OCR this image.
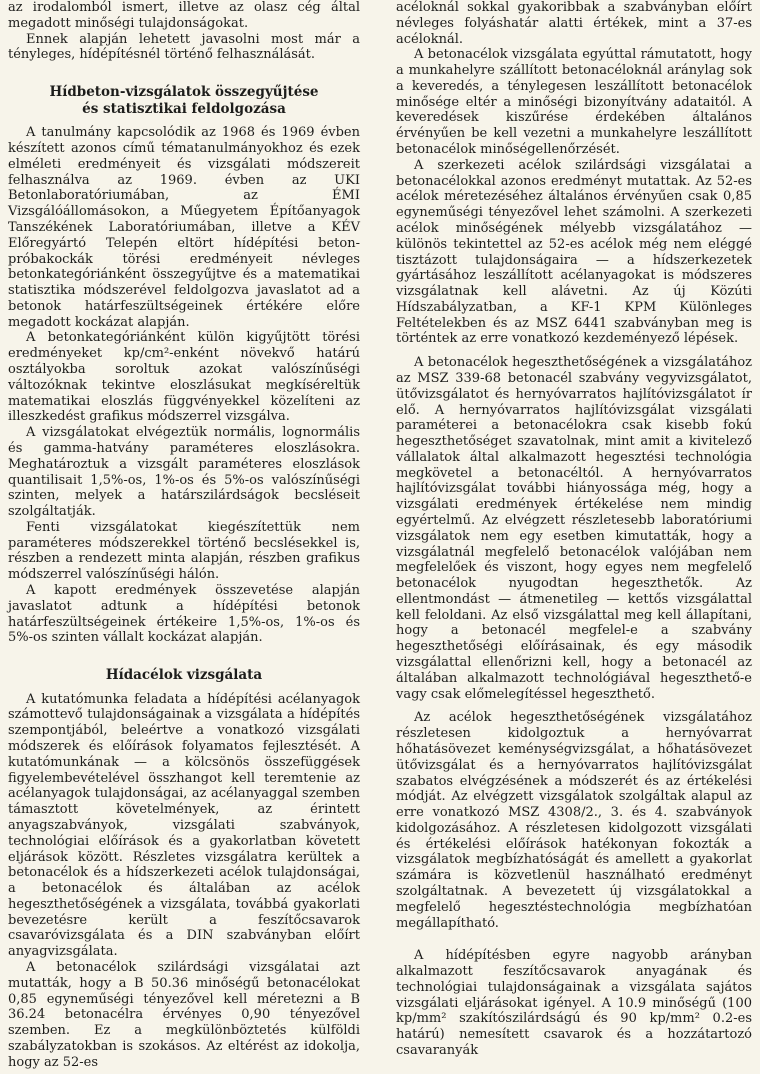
az irodalomból ismert, illetve az olasz cég által megadott minőségi tulajdonságokat.

Ennek alapján lehetett javasolni most már a tényleges, hídépítésnél történő felhasználását.

Hídbeton-vizsgálatok összegyűjtése
és statisztikai feldolgozása

A tanulmány kapcsolódik az 1968 és 1969 évben készített azonos című tématanulmányokhoz és ezek elméleti eredményeit és vizsgálati módszereit felhasználva az 1969. évben az UKI Betonlaboratóriumában, az ÉMI Vizsgálóállomásokon, a Műegyetem Építőanyagok Tanszékének Laboratóriumában, illetve a KÉV Előregyártó Telepén eltört hídépítési beton-próbakockák törési eredményeit névleges betonkategóriánként összegyűjtve és a matematikai statisztika módszerével feldolgozva javaslatot ad a betonok határfeszültségeinek értékére előre megadott kockázat alapján.

A betonkategóriánként külön kigyűjtött törési eredményeket kp/cm²-enként növekvő határú osztályokba soroltuk azokat valószínűségi változóknak tekintve eloszlásukat megkíséreltük matematikai eloszlás függvényekkel közelíteni az illeszkedést grafikus módszerrel vizsgálva.

A vizsgálatokat elvégeztük normális, lognormális és gamma-hatvány paraméteres eloszlásokra. Meghatároztuk a vizsgált paraméteres eloszlások quantilisait 1,5%-os, 1%-os és 5%-os valószínűségi szinten, melyek a határszilárdságok becsléseit szolgáltatják.

Fenti vizsgálatokat kiegészítettük nem paraméteres módszerekkel történő becslésekkel is, részben a rendezett minta alapján, részben grafikus módszerrel valószínűségi hálón.

A kapott eredmények összevetése alapján javaslatot adtunk a hídépítési betonok határfeszültségeinek értékeire 1,5%-os, 1%-os és 5%-os szinten vállalt kockázat alapján.

Hídacélok vizsgálata

A kutatómunka feladata a hídépítési acélanyagok számottevő tulajdonságainak a vizsgálata a hídépítés szempontjából, beleértve a vonatkozó vizsgálati módszerek és előírások folyamatos fejlesztését. A kutatómunkának — a kölcsönös összefüggések figyelembevételével összhangot kell teremtenie az acélanyagok tulajdonságai, az acélanyaggal szemben támasztott követelmények, az érintett anyagszabványok, vizsgálati szabványok, technológiai előírások és a gyakorlatban követett eljárások között. Részletes vizsgálatra kerültek a betonacélok és a hídszerkezeti acélok tulajdonságai, a betonacélok és általában az acélok hegeszthetőségének a vizsgálata, továbbá gyakorlati bevezetésre került a feszítőcsavarok csavaróvizsgálata és a DIN szabványban előírt anyagvizsgálata.

A betonacélok szilárdsági vizsgálatai azt mutatták, hogy a B 50.36 minőségű betonacélokat 0,85 egyneműségi tényezővel kell méretezni a B 36.24 betonacélra érvényes 0,90 tényezővel szemben. Ez a megkülönböztetés külföldi szabályzatokban is szokásos. Az eltérést az idokolja, hogy az 52-es

acéloknál sokkal gyakoribbak a szabványban előírt névleges folyáshatár alatti értékek, mint a 37-es acéloknál.

A betonacélok vizsgálata egyúttal rámutatott, hogy a munkahelyre szállított betonacéloknál aránylag sok a keveredés, a ténylegesen leszállított betonacélok minősége eltér a minőségi bizonyítvány adataitól. A keveredések kiszűrése érdekében általános érvényűen be kell vezetni a munkahelyre leszállított betonacélok minőségellenőrzését.

A szerkezeti acélok szilárdsági vizsgálatai a betonacélokkal azonos eredményt mutattak. Az 52-es acélok méretezéséhez általános érvényűen csak 0,85 egyneműségi tényezővel lehet számolni. A szerkezeti acélok minőségének mélyebb vizsgálatához — különös tekintettel az 52-es acélok még nem eléggé tisztázott tulajdonságaira — a hídszerkezetek gyártásához leszállított acélanyagokat is módszeres vizsgálatnak kell alávetni. Az új Közúti Hídszabályzatban, a KF-1 KPM Különleges Feltételekben és az MSZ 6441 szabványban meg is történtek az erre vonatkozó kezdeményező lépések.

A betonacélok hegeszthetőségének a vizsgálatához az MSZ 339-68 betonacél szabvány vegyvizsgálatot, ütővizsgálatot és hernyóvarratos hajlítóvizsgálatot ír elő. A hernyóvarratos hajlítóvizsgálat vizsgálati paraméterei a betonacélokra csak kisebb fokú hegeszthetőséget szavatolnak, mint amit a kivitelező vállalatok által alkalmazott hegesztési technológia megkövetel a betonacéltól. A hernyóvarratos hajlítóvizsgálat további hiányossága még, hogy a vizsgálati eredmények értékelése nem mindig egyértelmű. Az elvégzett részletesebb laboratóriumi vizsgálatok nem egy esetben kimutatták, hogy a vizsgálatnál megfelelő betonacélok valójában nem megfelelőek és viszont, hogy egyes nem megfelelő betonacélok nyugodtan hegeszthetők. Az ellentmondást — átmenetileg — kettős vizsgálattal kell feloldani. Az első vizsgálattal meg kell állapítani, hogy a betonacél megfelel-e a szabvány hegeszthetőségi előírásainak, és egy második vizsgálattal ellenőrizni kell, hogy a betonacél az általában alkalmazott technológiával hegeszthető-e vagy csak előmelegítéssel hegeszthető.

Az acélok hegeszthetőségének vizsgálatához részletesen kidolgoztuk a hernyóvarrat hőhatásövezet keménységvizsgálat, a hőhatásövezet ütővizsgálat és a hernyóvarratos hajlítóvizsgálat szabatos elvégzésének a módszerét és az értékelési módját. Az elvégzett vizsgálatok szolgáltak alapul az erre vonatkozó MSZ 4308/2., 3. és 4. szabványok kidolgozásához. A részletesen kidolgozott vizsgálati és értékelési előírások hatékonyan fokozták a vizsgálatok megbízhatóságát és amellett a gyakorlat számára is közvetlenül használható eredményt szolgáltatnak. A bevezetett új vizsgálatokkal a megfelelő hegesztéstechnológia megbízhatóan megállapítható.

A hídépítésben egyre nagyobb arányban alkalmazott feszítőcsavarok anyagának és technológiai tulajdonságainak a vizsgálata sajátos vizsgálati eljárásokat igényel. A 10.9 minőségű (100 kp/mm² szakítószilárdságú és 90 kp/mm² 0.2-es határú) nemesített csavarok és a hozzátartozó csavaranyák
